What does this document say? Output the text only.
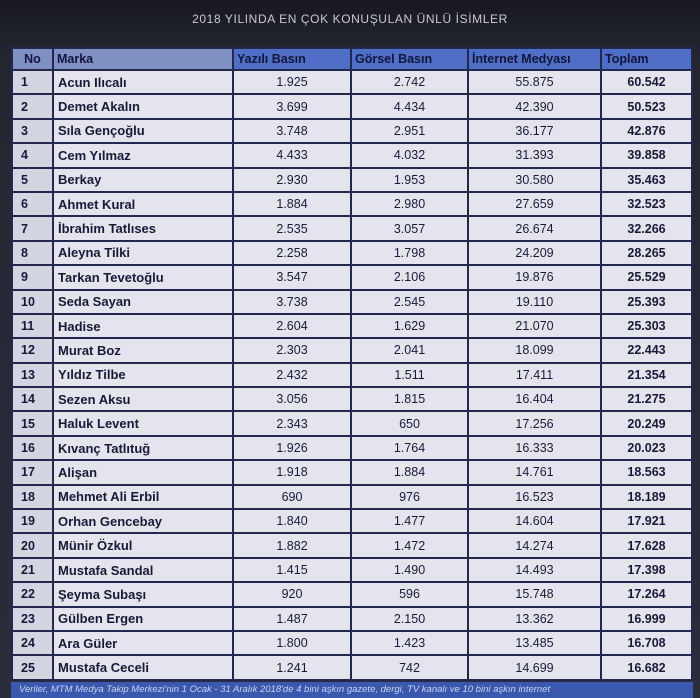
2018 YILINDA EN ÇOK KONUŞULAN ÜNLÜ İSİMLER
No	Marka	Yazılı Basın	Görsel Basın	İnternet Medyası	Toplam
1	Acun Ilıcalı	1.925	2.742	55.875	60.542
2	Demet Akalın	3.699	4.434	42.390	50.523
3	Sıla Gençoğlu	3.748	2.951	36.177	42.876
4	Cem Yılmaz	4.433	4.032	31.393	39.858
5	Berkay	2.930	1.953	30.580	35.463
6	Ahmet Kural	1.884	2.980	27.659	32.523
7	İbrahim Tatlıses	2.535	3.057	26.674	32.266
8	Aleyna Tilki	2.258	1.798	24.209	28.265
9	Tarkan Tevetoğlu	3.547	2.106	19.876	25.529
10	Seda Sayan	3.738	2.545	19.110	25.393
11	Hadise	2.604	1.629	21.070	25.303
12	Murat Boz	2.303	2.041	18.099	22.443
13	Yıldız Tilbe	2.432	1.511	17.411	21.354
14	Sezen Aksu	3.056	1.815	16.404	21.275
15	Haluk Levent	2.343	650	17.256	20.249
16	Kıvanç Tatlıtuğ	1.926	1.764	16.333	20.023
17	Alişan	1.918	1.884	14.761	18.563
18	Mehmet Ali Erbil	690	976	16.523	18.189
19	Orhan Gencebay	1.840	1.477	14.604	17.921
20	Münir Özkul	1.882	1.472	14.274	17.628
21	Mustafa Sandal	1.415	1.490	14.493	17.398
22	Şeyma Subaşı	920	596	15.748	17.264
23	Gülben Ergen	1.487	2.150	13.362	16.999
24	Ara Güler	1.800	1.423	13.485	16.708
25	Mustafa Ceceli	1.241	742	14.699	16.682
Veriler, MTM Medya Takip Merkezi'nin 1 Ocak - 31 Aralık 2018'de 4 bini aşkın gazete, dergi, TV kanalı ve 10 bini aşkın internet
